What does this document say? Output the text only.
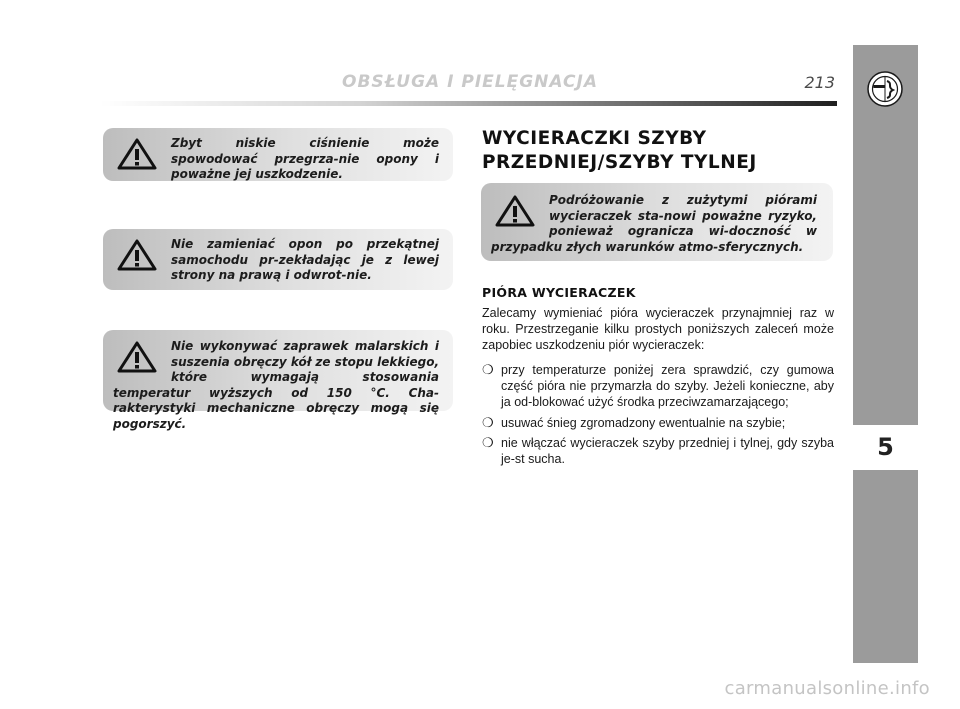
OBSŁUGA I PIELĘGNACJA	213
5
Zbyt niskie ciśnienie może spowodować przegrza-nie opony i poważne jej uszkodzenie.
Nie zamieniać opon po przekątnej samochodu pr-zekładając je z lewej strony na prawą i odwrot-nie.
Nie wykonywać zaprawek malarskich i suszenia obręczy kół ze stopu lekkiego, które wymagają stosowania temperatur wyższych od 150 °C. Cha-rakterystyki mechaniczne obręczy mogą się pogorszyć.
WYCIERACZKI SZYBY
PRZEDNIEJ/SZYBY TYLNEJ
Podróżowanie z zużytymi piórami wycieraczek sta-nowi poważne ryzyko, ponieważ ogranicza wi-doczność w przypadku złych warunków atmo-sferycznych.
PIÓRA WYCIERACZEK
Zalecamy wymieniać pióra wycieraczek przynajmniej raz w roku. Przestrzeganie kilku prostych poniższych zaleceń może zapobiec uszkodzeniu piór wycieraczek:
❍ przy temperaturze poniżej zera sprawdzić, czy gumowa część pióra nie przymarzła do szyby. Jeżeli konieczne, aby ja od-blokować użyć środka przeciwzamarzającego;
❍ usuwać śnieg zgromadzony ewentualnie na szybie;
❍ nie włączać wycieraczek szyby przedniej i tylnej, gdy szyba je-st sucha.
carmanualsonline.info
